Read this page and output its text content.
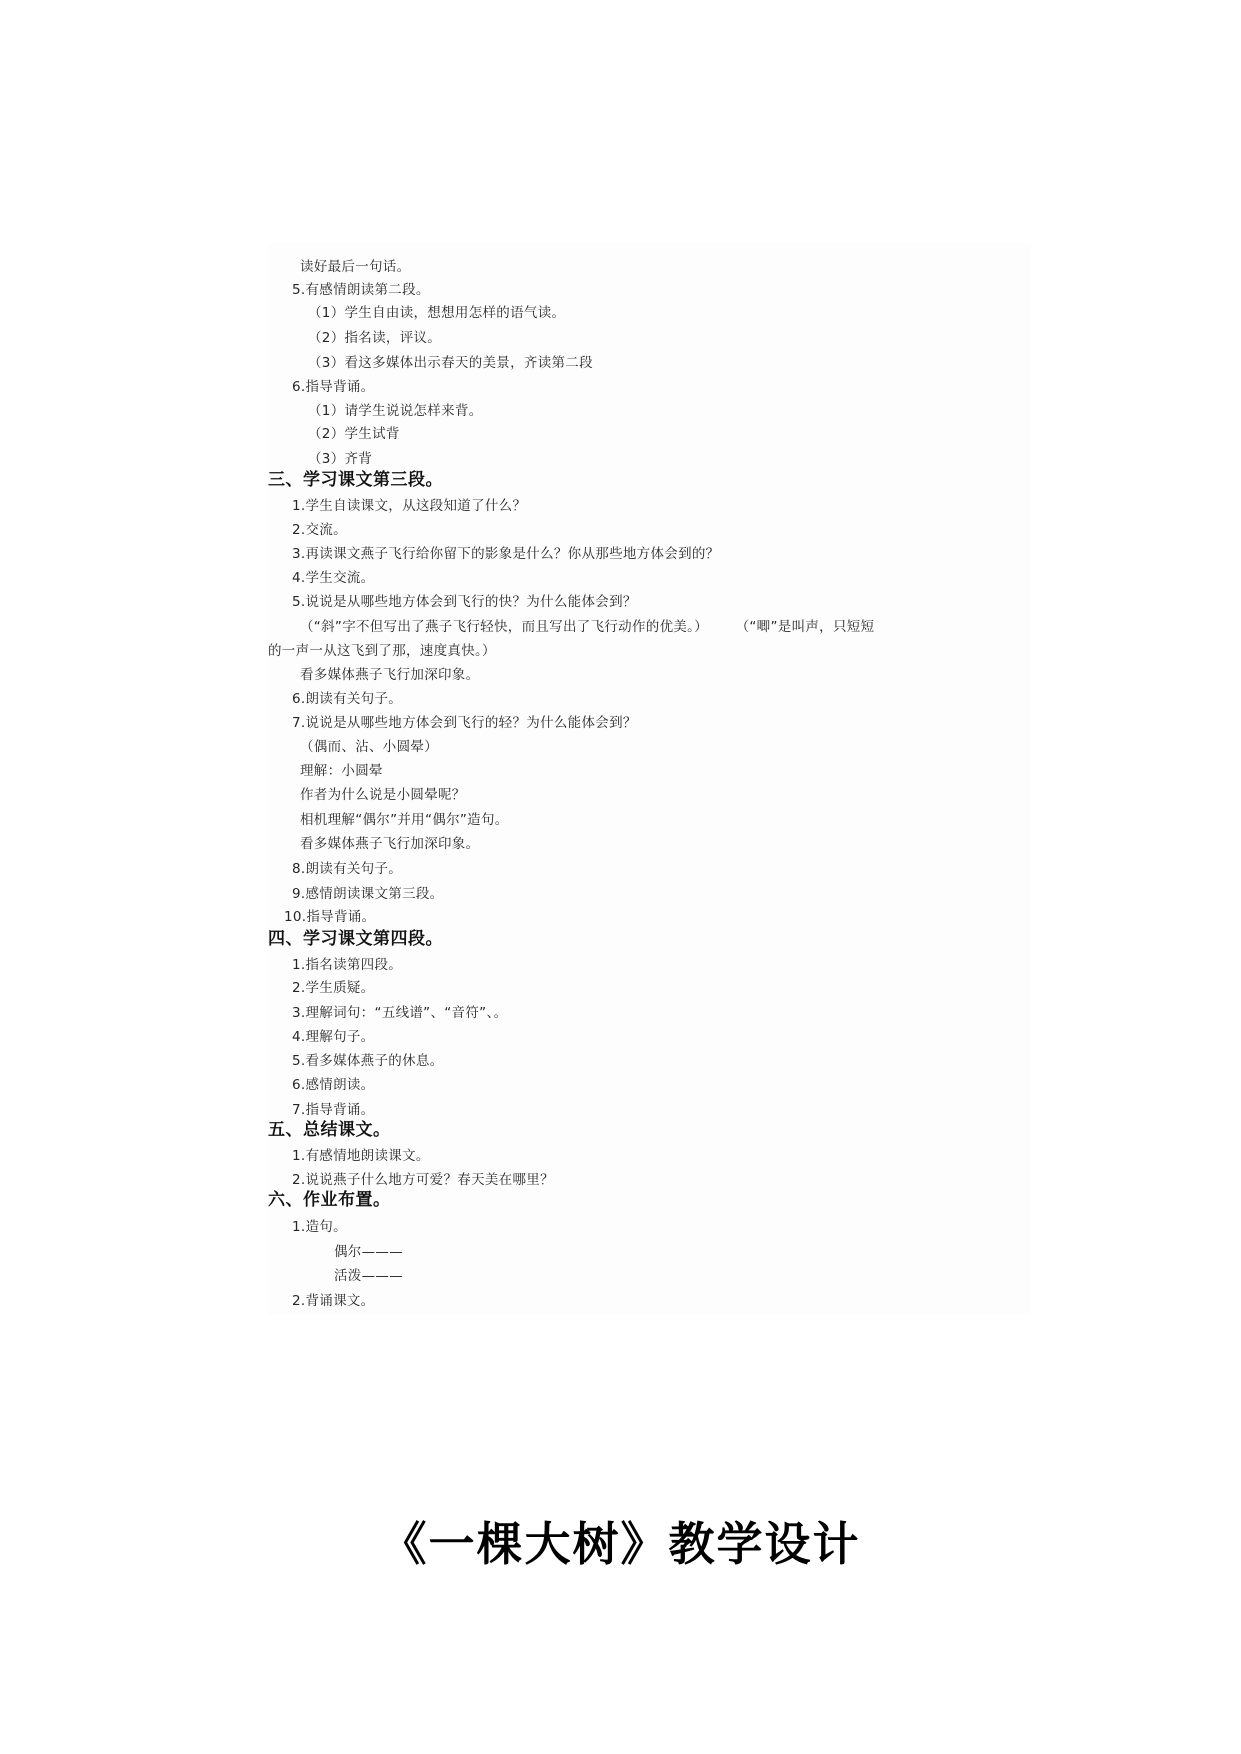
读好最后一句话。
5.有感情朗读第二段。
（1）学生自由读，想想用怎样的语气读。
（2）指名读，评议。
（3）看这多媒体出示春天的美景，齐读第二段
6.指导背诵。
（1）请学生说说怎样来背。
（2）学生试背
（3）齐背
三、学习课文第三段。
1.学生自读课文，从这段知道了什么？
2.交流。
3.再读课文燕子飞行给你留下的影象是什么？你从那些地方体会到的？
4.学生交流。
5.说说是从哪些地方体会到飞行的快？为什么能体会到？
（“斜”字不但写出了燕子飞行轻快，而且写出了飞行动作的优美。）      （“唧”是叫声，只短短
的一声一从这飞到了那，速度真快。）
看多媒体燕子飞行加深印象。
6.朗读有关句子。
7.说说是从哪些地方体会到飞行的轻？为什么能体会到？
（偶而、沾、小圆晕）
理解：小圆晕
作者为什么说是小圆晕呢？
相机理解“偶尔”并用“偶尔”造句。
看多媒体燕子飞行加深印象。
8.朗读有关句子。
9.感情朗读课文第三段。
10.指导背诵。
四、学习课文第四段。
1.指名读第四段。
2.学生质疑。
3.理解词句：“五线谱”、“音符”、。
4.理解句子。
5.看多媒体燕子的休息。
6.感情朗读。
7.指导背诵。
五、总结课文。
1.有感情地朗读课文。
2.说说燕子什么地方可爱？春天美在哪里？
六、作业布置。
1.造句。
偶尔———
活泼———
2.背诵课文。
《一棵大树》教学设计
